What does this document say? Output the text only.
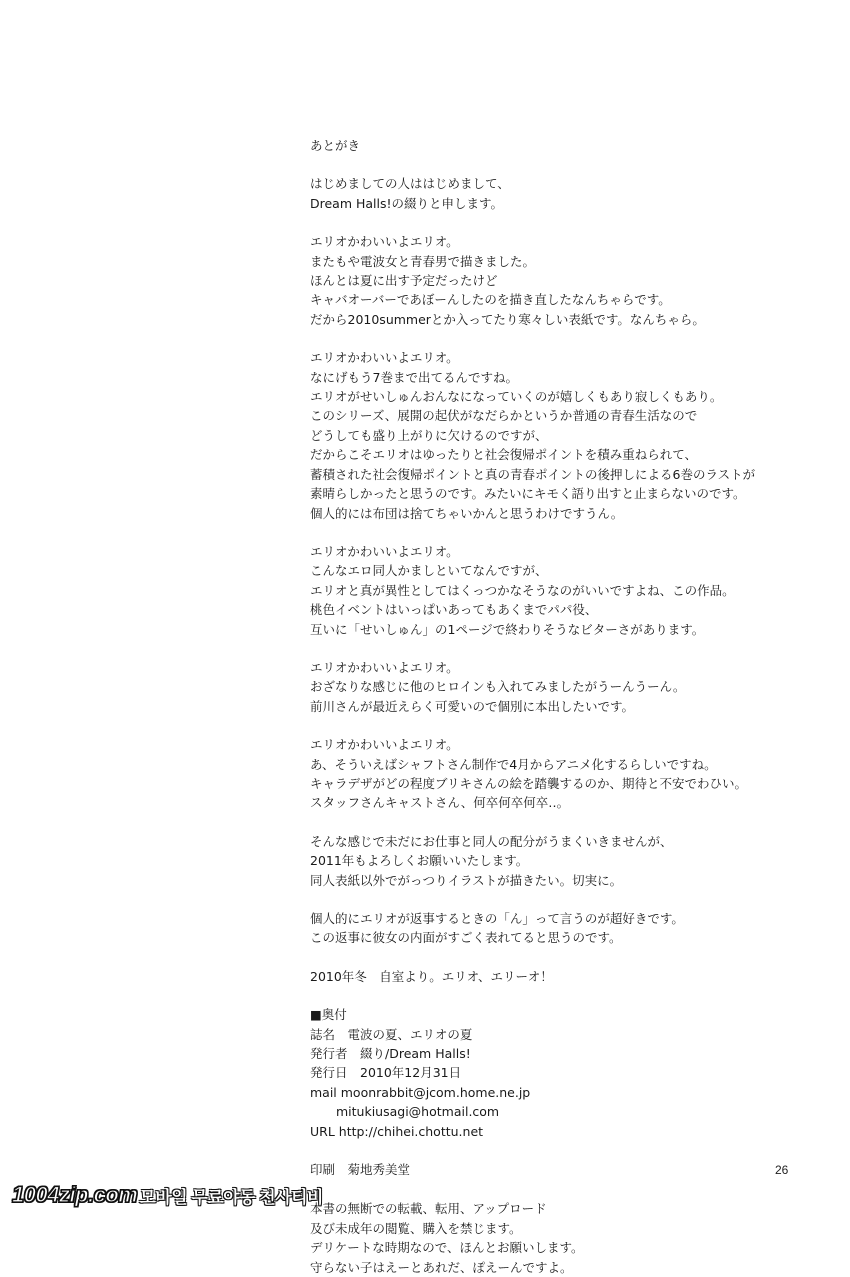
あとがき
はじめましての人ははじめまして、
Dream Halls!の綴りと申します。
エリオかわいいよエリオ。
またもや電波女と青春男で描きました。
ほんとは夏に出す予定だったけど
キャバオーバーであぼーんしたのを描き直したなんちゃらです。
だから2010summerとか入ってたり寒々しい表紙です。なんちゃら。
エリオかわいいよエリオ。
なにげもう7巻まで出てるんですね。
エリオがせいしゅんおんなになっていくのが嬉しくもあり寂しくもあり。
このシリーズ、展開の起伏がなだらかというか普通の青春生活なので
どうしても盛り上がりに欠けるのですが、
だからこそエリオはゆったりと社会復帰ポイントを積み重ねられて、
蓄積された社会復帰ポイントと真の青春ポイントの後押しによる6巻のラストが
素晴らしかったと思うのです。みたいにキモく語り出すと止まらないのです。
個人的には布団は捨てちゃいかんと思うわけですうん。
エリオかわいいよエリオ。
こんなエロ同人かましといてなんですが、
エリオと真が異性としてはくっつかなそうなのがいいですよね、この作品。
桃色イベントはいっぱいあってもあくまでパパ役、
互いに「せいしゅん」の1ページで終わりそうなビターさがあります。
エリオかわいいよエリオ。
おざなりな感じに他のヒロインも入れてみましたがうーんうーん。
前川さんが最近えらく可愛いので個別に本出したいです。
エリオかわいいよエリオ。
あ、そういえばシャフトさん制作で4月からアニメ化するらしいですね。
キャラデザがどの程度ブリキさんの絵を踏襲するのか、期待と不安でわひい。
スタッフさんキャストさん、何卒何卒何卒‥。
そんな感じで未だにお仕事と同人の配分がうまくいきませんが、
2011年もよろしくお願いいたします。
同人表紙以外でがっつりイラストが描きたい。切実に。
個人的にエリオが返事するときの「ん」って言うのが超好きです。
この返事に彼女の内面がすごく表れてると思うのです。
2010年冬　自室より。エリオ、エリーオ！
■奥付
誌名　電波の夏、エリオの夏
発行者　綴り/Dream Halls!
発行日　2010年12月31日
mail moonrabbit@jcom.home.ne.jp
mitukiusagi@hotmail.com
URL http://chihei.chottu.net

印刷　菊地秀美堂

本書の無断での転載、転用、アップロード
及び未成年の閲覧、購入を禁じます。
デリケートな時期なので、ほんとお願いします。
守らない子はえーとあれだ、ぽえーんですよ。
26
1004zip.com 모바일 무료야동 천사티비
